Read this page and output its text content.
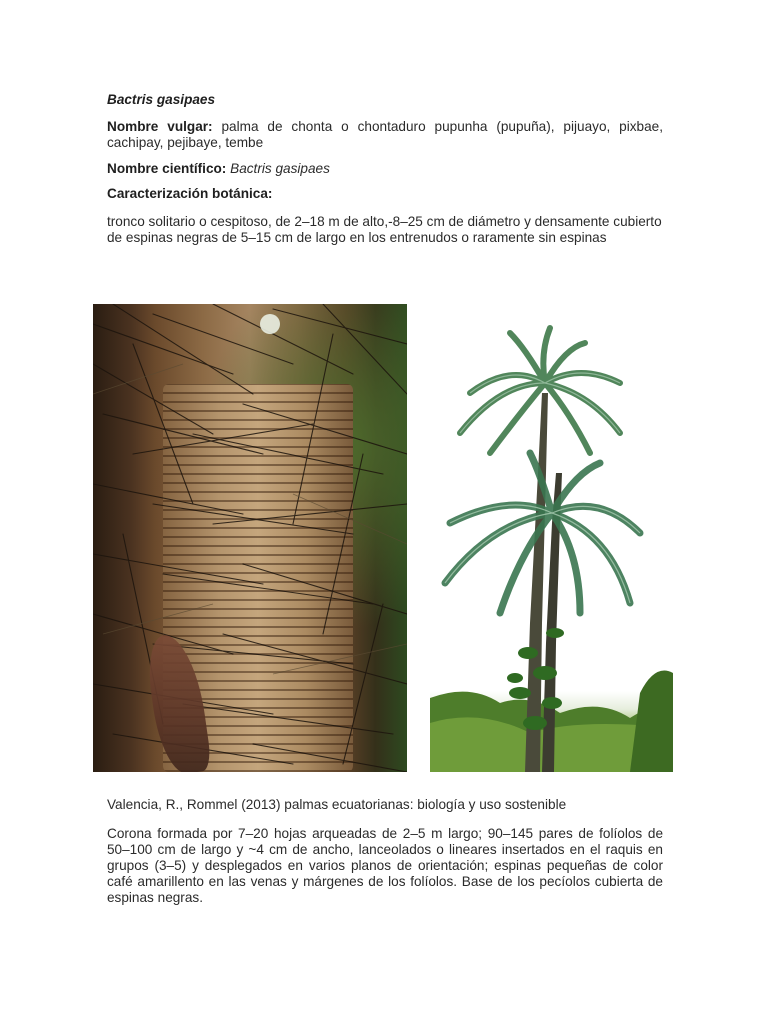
Bactris gasipaes
Nombre vulgar: palma de chonta o chontaduro pupunha (pupuña), pijuayo, pixbae, cachipay, pejibaye, tembe
Nombre científico: Bactris gasipaes
Caracterización botánica:
tronco solitario o cespitoso, de 2–18 m de alto,-8–25 cm de diámetro y densamente cubierto de espinas negras de 5–15 cm de largo en los entrenudos o raramente sin espinas
Valencia, R., Rommel (2013) palmas ecuatorianas: biología y uso sostenible
Corona formada por 7–20 hojas arqueadas de 2–5 m largo; 90–145 pares de folíolos de 50–100 cm de largo y ~4 cm de ancho, lanceolados o lineares insertados en el raquis en grupos (3–5) y desplegados en varios planos de orientación; espinas pequeñas de color café amarillento en las venas y márgenes de los folíolos. Base de los pecíolos cubierta de espinas negras.
